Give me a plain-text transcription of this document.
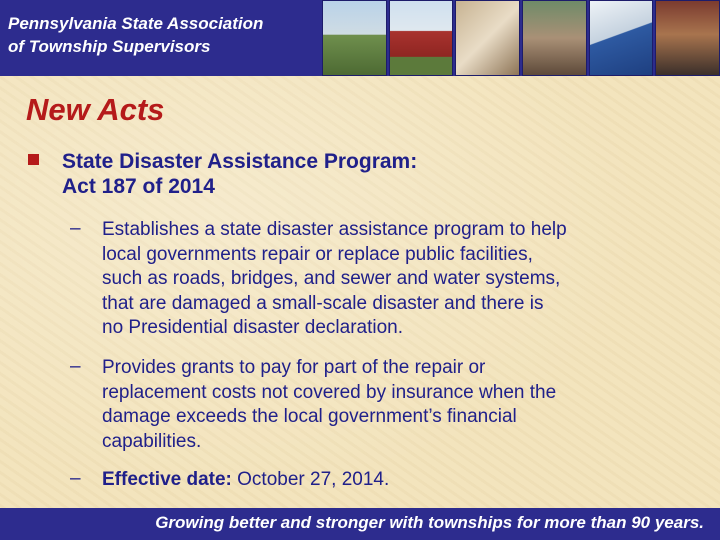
Pennsylvania State Association
of Township Supervisors
New Acts
State Disaster Assistance Program:
Act 187 of 2014
– Establishes a state disaster assistance program to help
local governments repair or replace public facilities,
such as roads, bridges, and sewer and water systems,
that are damaged a small-scale disaster and there is
no Presidential disaster declaration.
– Provides grants to pay for part of the repair or
replacement costs not covered by insurance when the
damage exceeds the local government’s financial
capabilities.
– Effective date: October 27, 2014.
Growing better and stronger with townships for more than 90 years.
